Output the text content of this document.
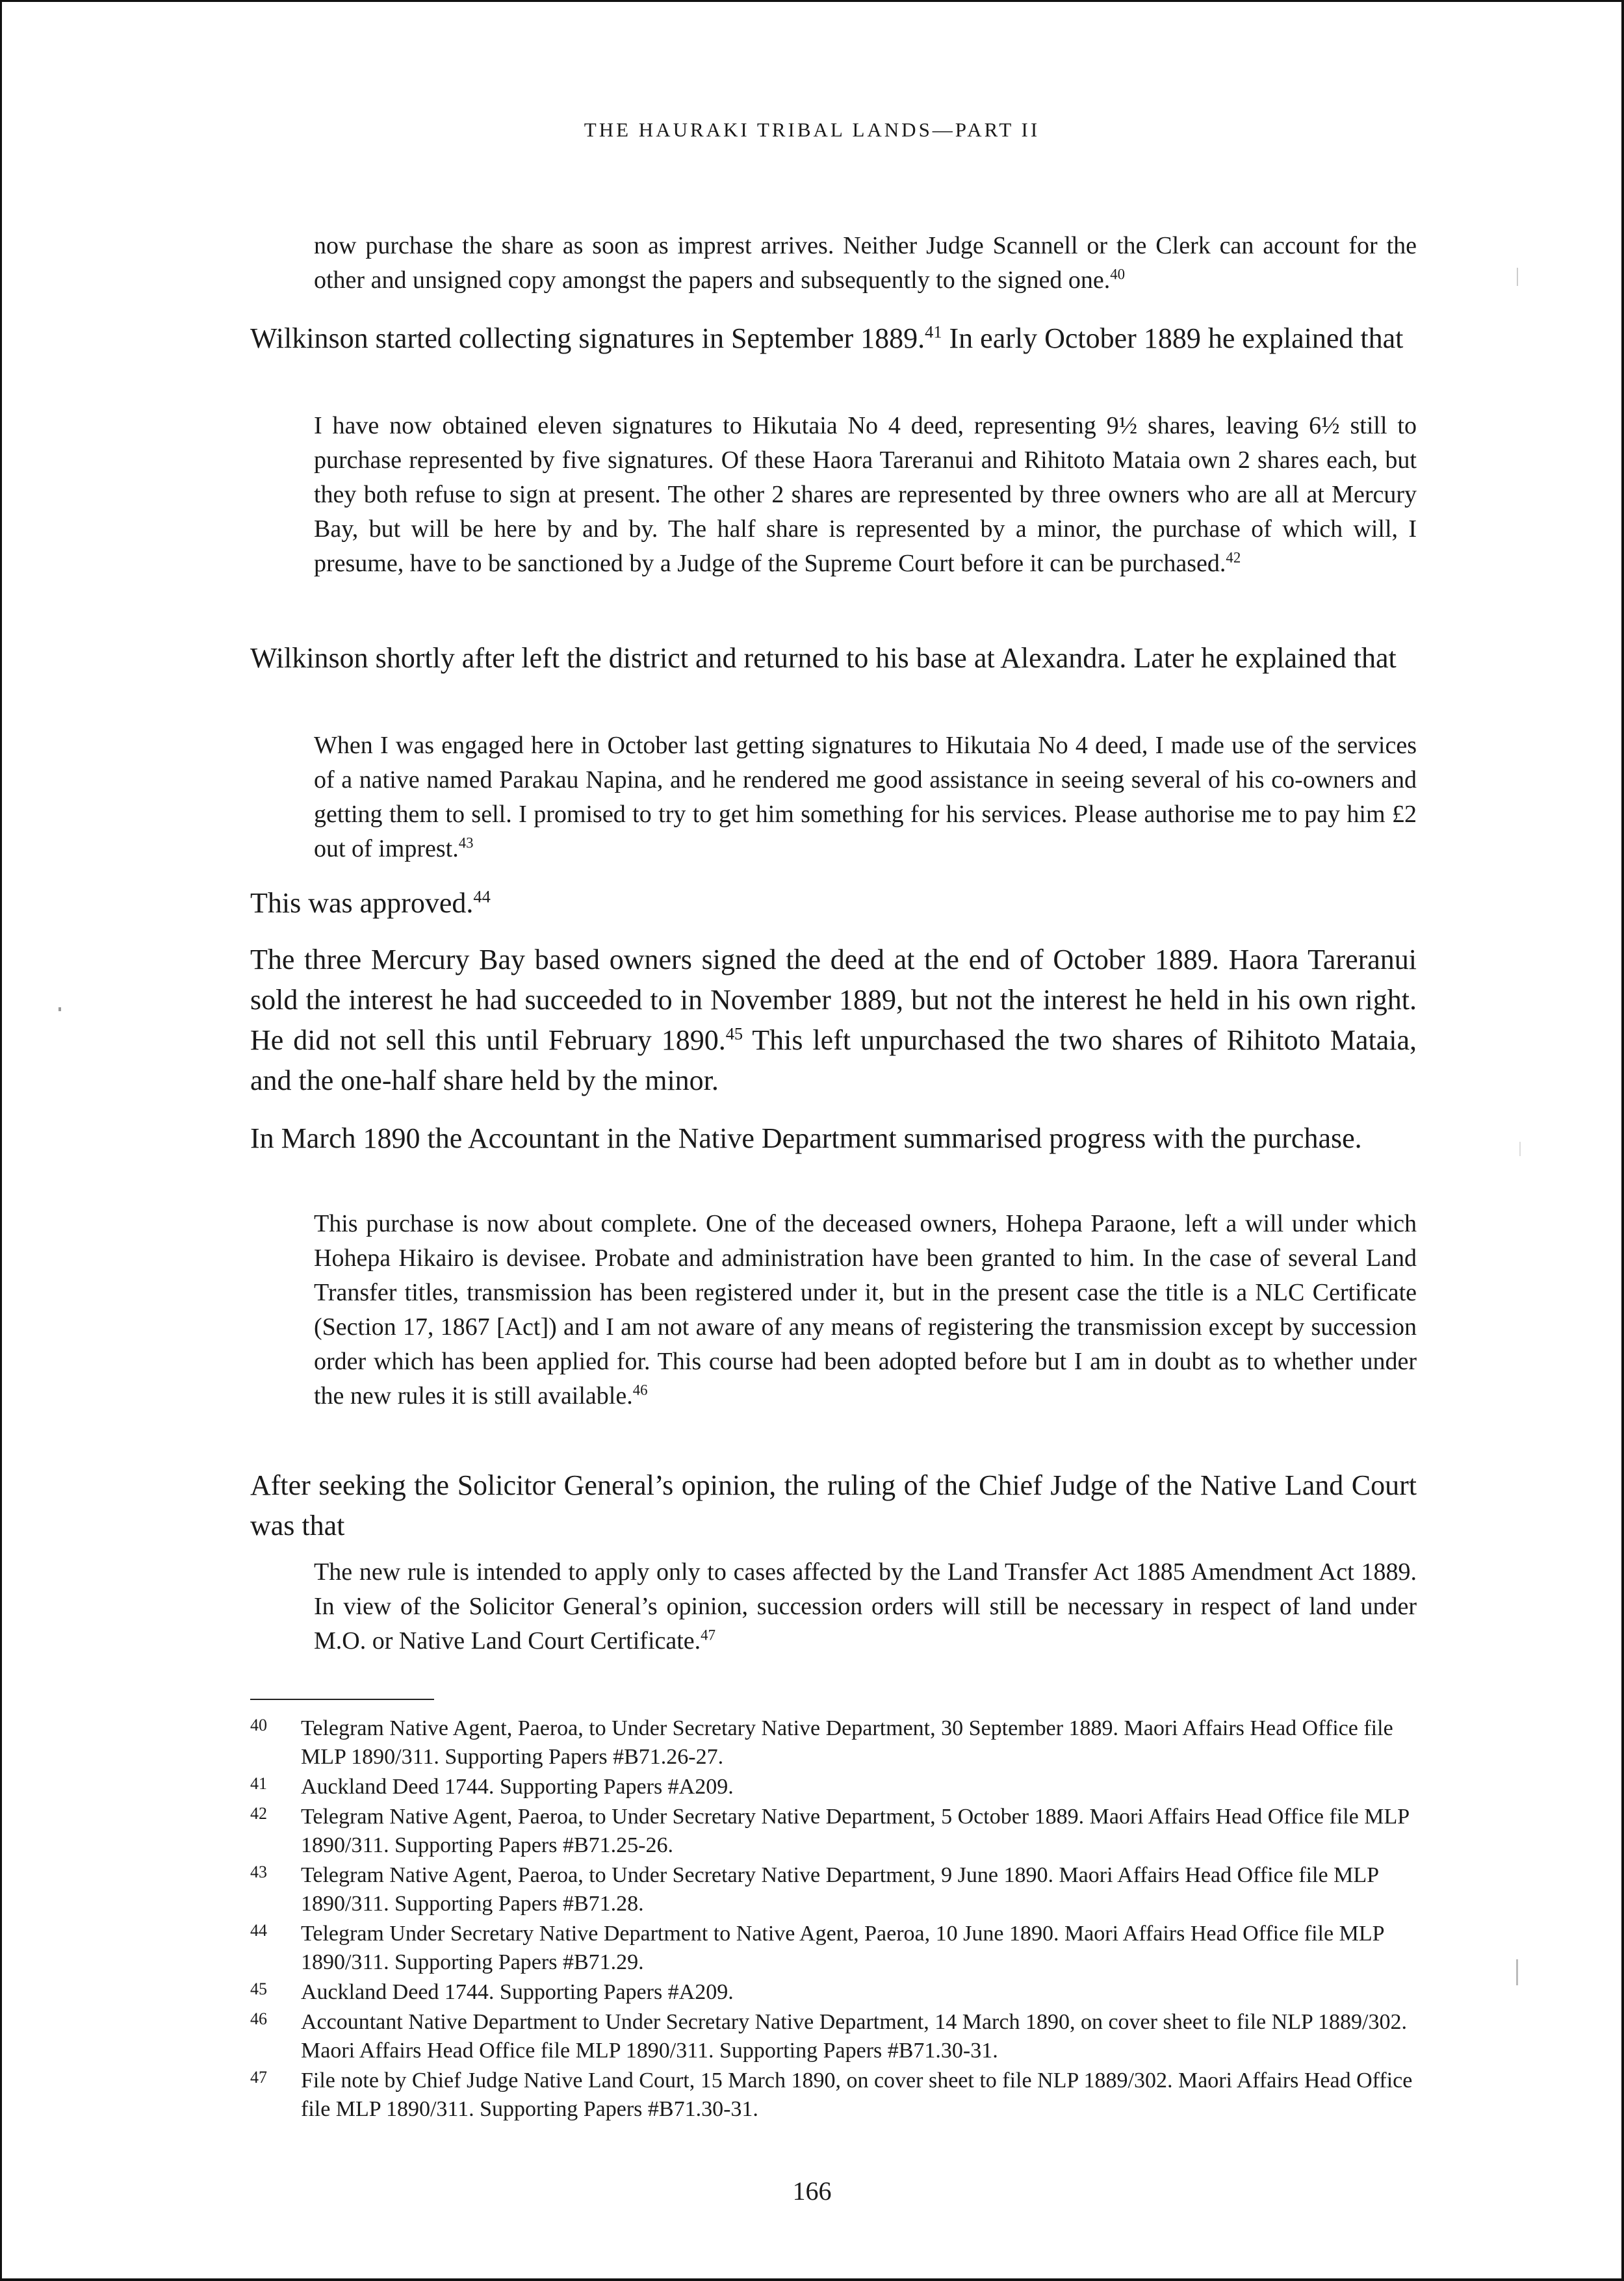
THE HAURAKI TRIBAL LANDS—PART II

now purchase the share as soon as imprest arrives. Neither Judge Scannell or the Clerk can account for the other and unsigned copy amongst the papers and subsequently to the signed one.$^{40}$

Wilkinson started collecting signatures in September 1889.41 In early October 1889 he explained that

I have now obtained eleven signatures to Hikutaia No 4 deed, representing 9½ shares, leaving 6½ still to purchase represented by five signatures. Of these Haora Tareranui and Rihitoto Mataia own 2 shares each, but they both refuse to sign at present. The other 2 shares are represented by three owners who are all at Mercury Bay, but will be here by and by. The half share is represented by a minor, the purchase of which will, I presume, have to be sanctioned by a Judge of the Supreme Court before it can be purchased.$^{42}$

Wilkinson shortly after left the district and returned to his base at Alexandra. Later he explained that

When I was engaged here in October last getting signatures to Hikutaia No 4 deed, I made use of the services of a native named Parakau Napina, and he rendered me good assistance in seeing several of his co-owners and getting them to sell. I promised to try to get him something for his services. Please authorise me to pay him £2 out of imprest.$^{43}$

This was approved.$^{44}$

The three Mercury Bay based owners signed the deed at the end of October 1889. Haora Tareranui sold the interest he had succeeded to in November 1889, but not the interest he held in his own right. He did not sell this until February 1890.45 This left unpurchased the two shares of Rihitoto Mataia, and the one-half share held by the minor.

In March 1890 the Accountant in the Native Department summarised progress with the purchase.

This purchase is now about complete. One of the deceased owners, Hohepa Paraone, left a will under which Hohepa Hikairo is devisee. Probate and administration have been granted to him. In the case of several Land Transfer titles, transmission has been registered under it, but in the present case the title is a NLC Certificate (Section 17, 1867 [Act]) and I am not aware of any means of registering the transmission except by succession order which has been applied for. This course had been adopted before but I am in doubt as to whether under the new rules it is still available.$^{46}$

After seeking the Solicitor General’s opinion, the ruling of the Chief Judge of the Native Land Court was that

The new rule is intended to apply only to cases affected by the Land Transfer Act 1885 Amendment Act 1889. In view of the Solicitor General’s opinion, succession orders will still be necessary in respect of land under M.O. or Native Land Court Certificate.$^{47}$

40	Telegram Native Agent, Paeroa, to Under Secretary Native Department, 30 September 1889. Maori Affairs Head Office file MLP 1890/311. Supporting Papers #B71.26-27.
41	Auckland Deed 1744. Supporting Papers #A209.
42	Telegram Native Agent, Paeroa, to Under Secretary Native Department, 5 October 1889. Maori Affairs Head Office file MLP 1890/311. Supporting Papers #B71.25-26.
43	Telegram Native Agent, Paeroa, to Under Secretary Native Department, 9 June 1890. Maori Affairs Head Office file MLP 1890/311. Supporting Papers #B71.28.
44	Telegram Under Secretary Native Department to Native Agent, Paeroa, 10 June 1890. Maori Affairs Head Office file MLP 1890/311. Supporting Papers #B71.29.
45	Auckland Deed 1744. Supporting Papers #A209.
46	Accountant Native Department to Under Secretary Native Department, 14 March 1890, on cover sheet to file NLP 1889/302. Maori Affairs Head Office file MLP 1890/311. Supporting Papers #B71.30-31.
47	File note by Chief Judge Native Land Court, 15 March 1890, on cover sheet to file NLP 1889/302. Maori Affairs Head Office file MLP 1890/311. Supporting Papers #B71.30-31.
166
